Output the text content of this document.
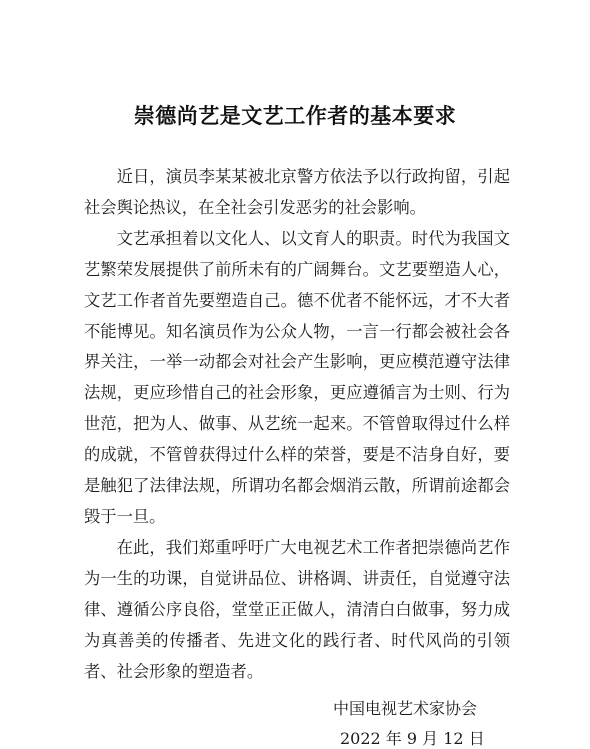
崇德尚艺是文艺工作者的基本要求

近日，演员李某某被北京警方依法予以行政拘留，引起社会舆论热议，在全社会引发恶劣的社会影响。

文艺承担着以文化人、以文育人的职责。时代为我国文艺繁荣发展提供了前所未有的广阔舞台。文艺要塑造人心，文艺工作者首先要塑造自己。德不优者不能怀远，才不大者不能博见。知名演员作为公众人物，一言一行都会被社会各界关注，一举一动都会对社会产生影响，更应模范遵守法律法规，更应珍惜自己的社会形象，更应遵循言为士则、行为世范，把为人、做事、从艺统一起来。不管曾取得过什么样的成就，不管曾获得过什么样的荣誉，要是不洁身自好，要是触犯了法律法规，所谓功名都会烟消云散，所谓前途都会毁于一旦。

在此，我们郑重呼吁广大电视艺术工作者把崇德尚艺作为一生的功课，自觉讲品位、讲格调、讲责任，自觉遵守法律、遵循公序良俗，堂堂正正做人，清清白白做事，努力成为真善美的传播者、先进文化的践行者、时代风尚的引领者、社会形象的塑造者。

中国电视艺术家协会
2022 年 9 月 12 日
